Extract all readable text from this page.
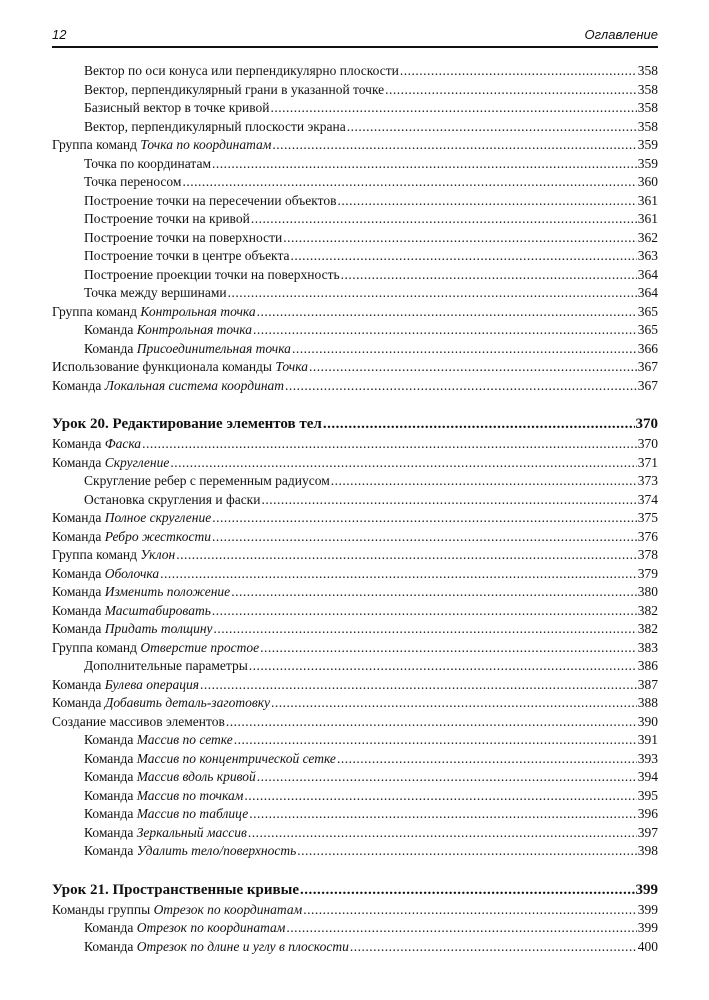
12	Оглавление
Вектор по оси конуса или перпендикулярно плоскости .....	358
Вектор, перпендикулярный грани в указанной точке .....	358
Базисный вектор в точке кривой .....	358
Вектор, перпендикулярный плоскости экрана .....	358
Группа команд Точка по координатам .....	359
Точка по координатам .....	359
Точка переносом .....	360
Построение точки на пересечении объектов .....	361
Построение точки на кривой .....	361
Построение точки на поверхности .....	362
Построение точки в центре объекта .....	363
Построение проекции точки на поверхность .....	364
Точка между вершинами .....	364
Группа команд Контрольная точка .....	365
Команда Контрольная точка .....	365
Команда Присоединительная точка .....	366
Использование функционала команды Точка .....	367
Команда Локальная система координат .....	367
Урок 20. Редактирование элементов тел .....	370
Команда Фаска .....	370
Команда Скругление .....	371
Скругление ребер с переменным радиусом .....	373
Остановка скругления и фаски .....	374
Команда Полное скругление .....	375
Команда Ребро жесткости .....	376
Группа команд Уклон .....	378
Команда Оболочка .....	379
Команда Изменить положение .....	380
Команда Масштабировать .....	382
Команда Придать толщину .....	382
Группа команд Отверстие простое .....	383
Дополнительные параметры .....	386
Команда Булева операция .....	387
Команда Добавить деталь-заготовку .....	388
Создание массивов элементов .....	390
Команда Массив по сетке .....	391
Команда Массив по концентрической сетке .....	393
Команда Массив вдоль кривой .....	394
Команда Массив по точкам .....	395
Команда Массив по таблице .....	396
Команда Зеркальный массив .....	397
Команда Удалить тело/поверхность .....	398
Урок 21. Пространственные кривые .....	399
Команды группы Отрезок по координатам .....	399
Команда Отрезок по координатам .....	399
Команда Отрезок по длине и углу в плоскости .....	400
